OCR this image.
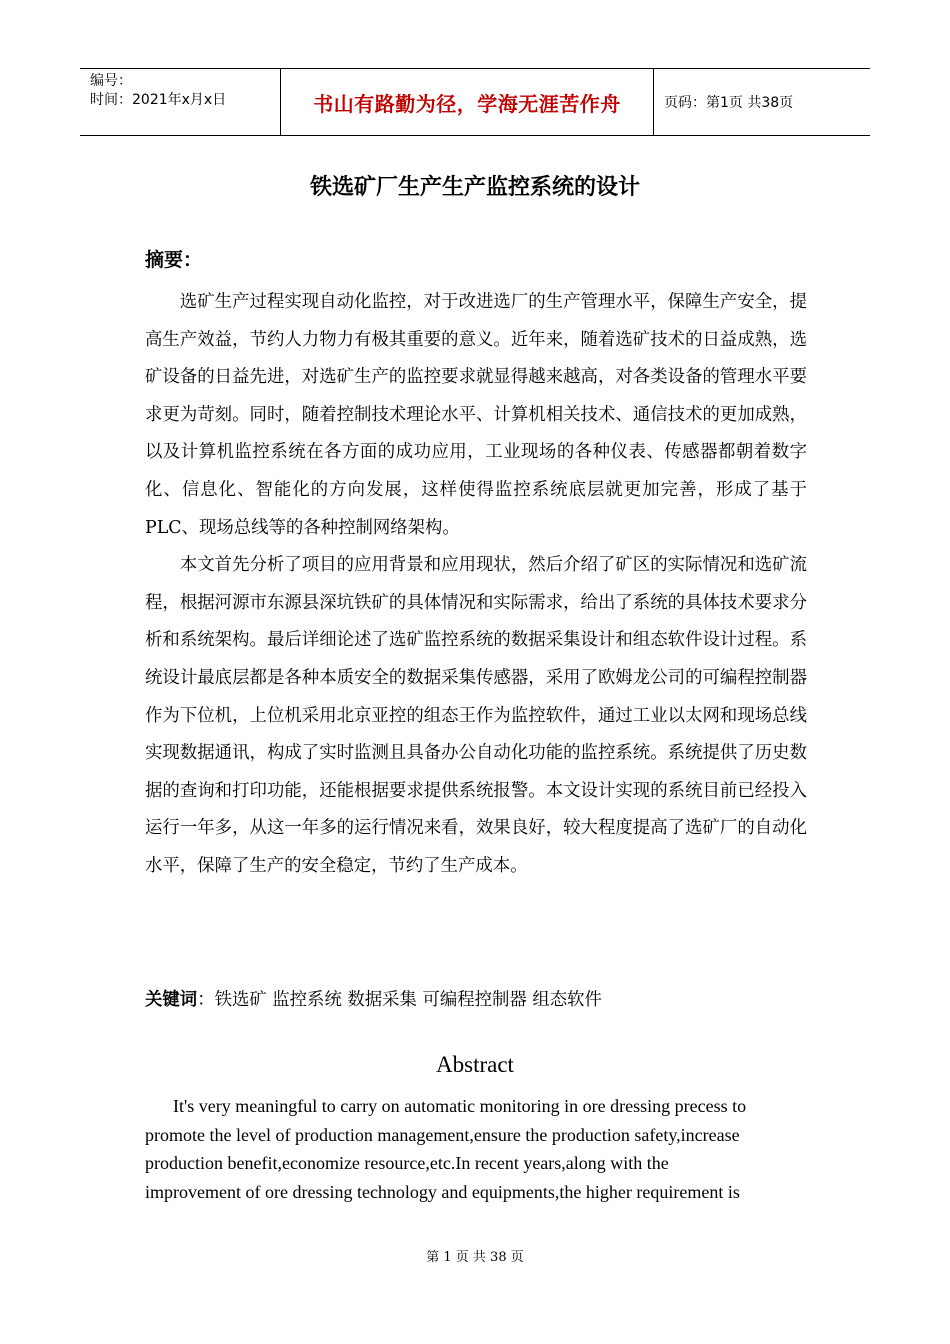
编号：
时间：2021年x月x日	书山有路勤为径，学海无涯苦作舟	页码：第1页 共38页
铁选矿厂生产生产监控系统的设计
摘要：

选矿生产过程实现自动化监控，对于改进选厂的生产管理水平，保障生产安全，提高生产效益，节约人力物力有极其重要的意义。近年来，随着选矿技术的日益成熟，选矿设备的日益先进，对选矿生产的监控要求就显得越来越高，对各类设备的管理水平要求更为苛刻。同时，随着控制技术理论水平、计算机相关技术、通信技术的更加成熟，以及计算机监控系统在各方面的成功应用，工业现场的各种仪表、传感器都朝着数字化、信息化、智能化的方向发展，这样使得监控系统底层就更加完善，形成了基于 PLC、现场总线等的各种控制网络架构。

本文首先分析了项目的应用背景和应用现状，然后介绍了矿区的实际情况和选矿流程，根据河源市东源县深坑铁矿的具体情况和实际需求，给出了系统的具体技术要求分析和系统架构。最后详细论述了选矿监控系统的数据采集设计和组态软件设计过程。系统设计最底层都是各种本质安全的数据采集传感器，采用了欧姆龙公司的可编程控制器作为下位机，上位机采用北京亚控的组态王作为监控软件，通过工业以太网和现场总线实现数据通讯，构成了实时监测且具备办公自动化功能的监控系统。系统提供了历史数据的查询和打印功能，还能根据要求提供系统报警。本文设计实现的系统目前已经投入运行一年多，从这一年多的运行情况来看，效果良好，较大程度提高了选矿厂的自动化水平，保障了生产的安全稳定，节约了生产成本。

关键词：铁选矿 监控系统 数据采集 可编程控制器 组态软件
Abstract

It's very meaningful to carry on automatic monitoring in ore dressing precess to

promote the level of production management,ensure the production safety,increase
production benefit,economize resource,etc.In recent years,along with the
improvement of ore dressing technology and equipments,the higher requirement is
第 1 页 共 38 页
